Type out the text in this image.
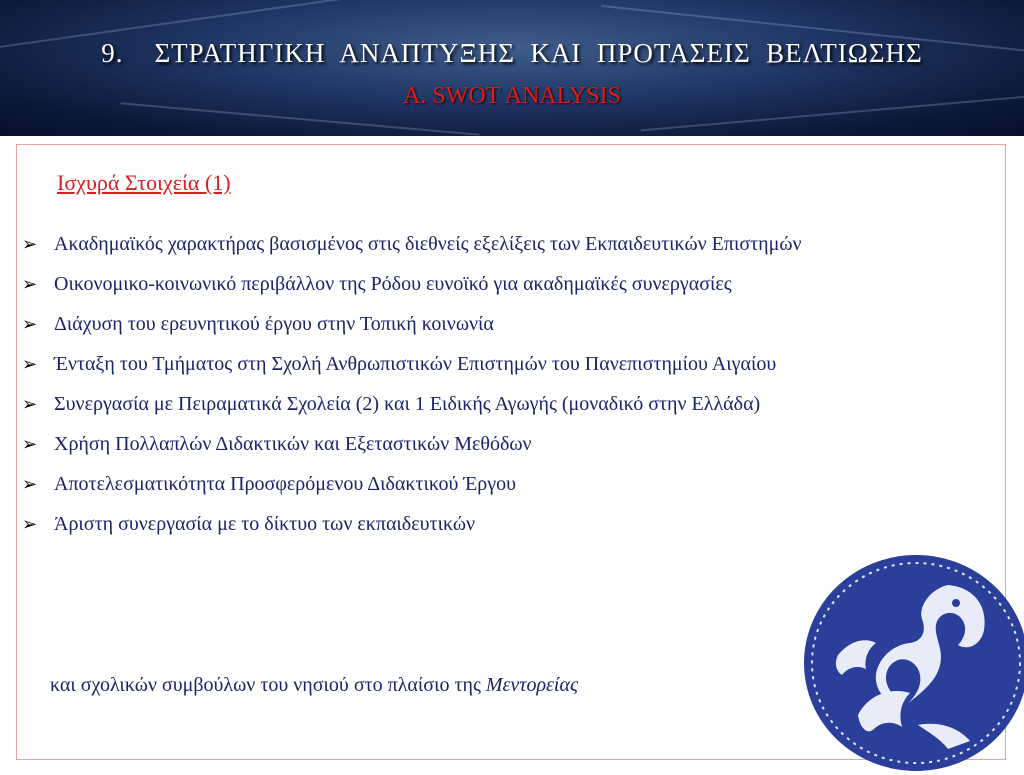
9.    ΣΤΡΑΤΗΓΙΚΗ  ΑΝΑΠΤΥΞΗΣ  ΚΑΙ  ΠΡΟΤΑΣΕΙΣ  ΒΕΛΤΙΩΣΗΣ
A. SWOT ANALYSIS
Ισχυρά Στοιχεία (1)
➢ Ακαδημαϊκός χαρακτήρας βασισμένος στις διεθνείς εξελίξεις των Εκπαιδευτικών Επιστημών
➢ Οικονομικο-κοινωνικό περιβάλλον της Ρόδου ευνοϊκό για ακαδημαϊκές συνεργασίες
➢ Διάχυση του ερευνητικού έργου στην Τοπική κοινωνία
➢ Ένταξη του Τμήματος στη Σχολή Ανθρωπιστικών Επιστημών του Πανεπιστημίου Αιγαίου
➢ Συνεργασία με Πειραματικά Σχολεία (2) και 1 Ειδικής Αγωγής (μοναδικό στην Ελλάδα)
➢ Χρήση Πολλαπλών Διδακτικών και Εξεταστικών Μεθόδων
➢ Αποτελεσματικότητα Προσφερόμενου Διδακτικού Έργου
➢ Άριστη συνεργασία με το δίκτυο των εκπαιδευτικών
και σχολικών συμβούλων του νησιού στο πλαίσιο της Μεντορείας
